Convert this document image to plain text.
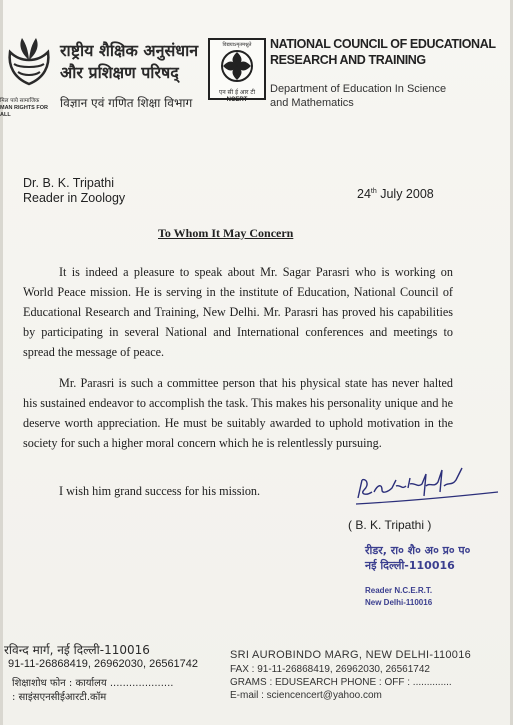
मिल पाये सामाजिक
MAN RIGHTS FOR ALL
राष्ट्रीय शैक्षिक अनुसंधान
और प्रशिक्षण परिषद्
विज्ञान एवं गणित शिक्षा विभाग
विद्ययाऽमृतमश्नुते
एन सी ई आर टी NCERT
NATIONAL COUNCIL OF EDUCATIONAL
RESEARCH AND TRAINING
Department of Education In Science
and Mathematics
Dr. B. K. Tripathi
Reader in Zoology	24th July 2008
To Whom It May Concern
It is indeed a pleasure to speak about Mr. Sagar Parasri who is working on World Peace mission. He is serving in the institute of Education, National Council of Educational Research and Training, New Delhi. Mr. Parasri has proved his capabilities by participating in several National and International conferences and meetings to spread the message of peace.
Mr. Parasri is such a committee person that his physical state has never halted his sustained endeavor to accomplish the task. This makes his personality unique and he deserve worth appreciation. He must be suitably awarded to uphold motivation in the society for such a higher moral concern which he is relentlessly pursuing.
I wish him grand success for his mission.
( B. K. Tripathi )
रीडर, रा० शै० अ० प्र० प०
नई दिल्ली-110016
Reader N.C.E.R.T.
New Delhi-110016
रविन्द मार्ग, नई दिल्ली-110016
91-11-26868419, 26962030, 26561742
शिक्षाशोध फोन : कार्यालय ....................
: साइंसएनसीईआरटी.कॉम
SRI AUROBINDO MARG, NEW DELHI-110016
FAX : 91-11-26868419, 26962030, 26561742
GRAMS : EDUSEARCH PHONE : OFF : ..............
E-mail : sciencencert@yahoo.com
